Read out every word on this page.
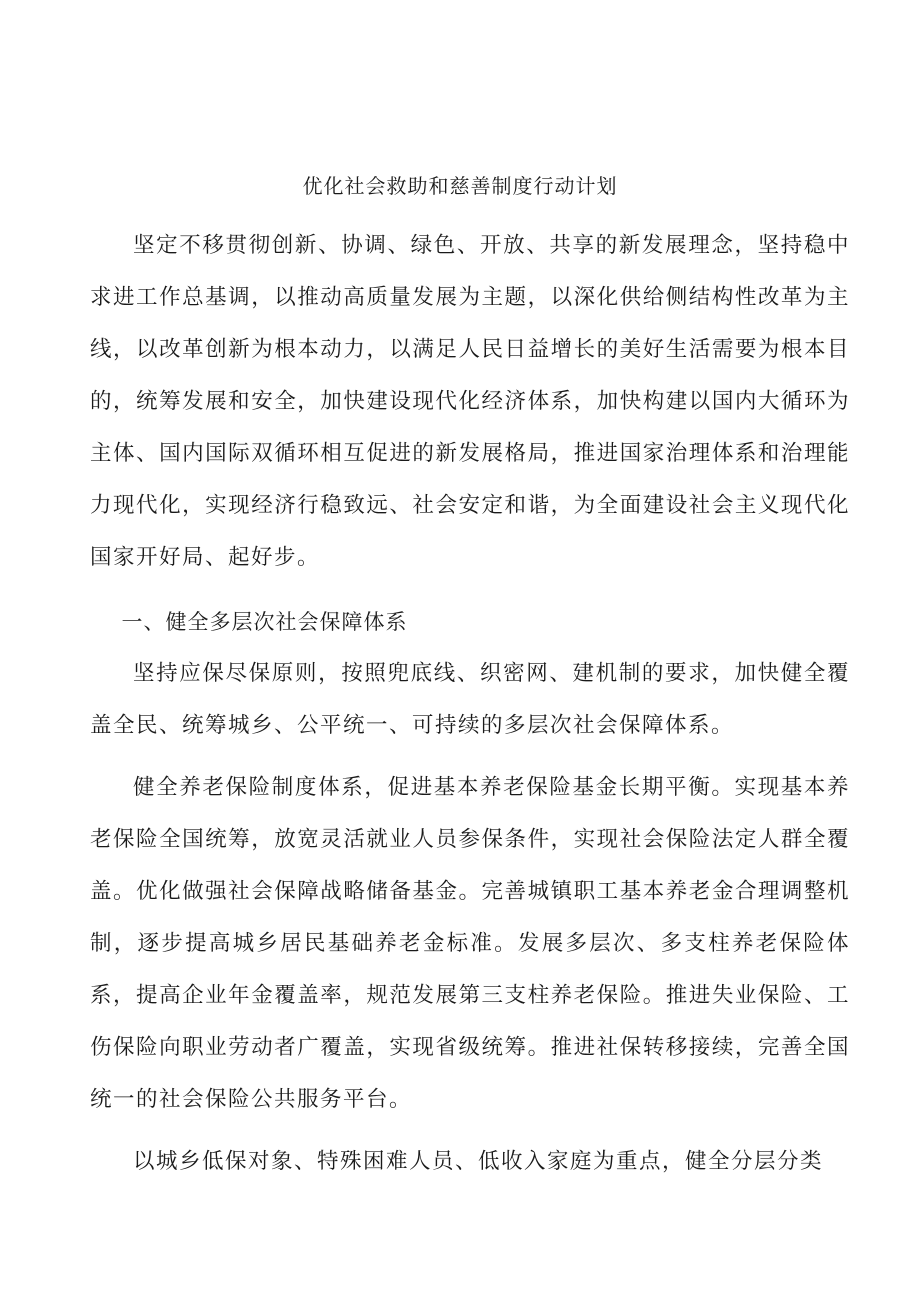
优化社会救助和慈善制度行动计划

坚定不移贯彻创新、协调、绿色、开放、共享的新发展理念，坚持稳中求进工作总基调，以推动高质量发展为主题，以深化供给侧结构性改革为主线，以改革创新为根本动力，以满足人民日益增长的美好生活需要为根本目的，统筹发展和安全，加快建设现代化经济体系，加快构建以国内大循环为主体、国内国际双循环相互促进的新发展格局，推进国家治理体系和治理能力现代化，实现经济行稳致远、社会安定和谐，为全面建设社会主义现代化国家开好局、起好步。

一、健全多层次社会保障体系

坚持应保尽保原则，按照兜底线、织密网、建机制的要求，加快健全覆盖全民、统筹城乡、公平统一、可持续的多层次社会保障体系。

健全养老保险制度体系，促进基本养老保险基金长期平衡。实现基本养老保险全国统筹，放宽灵活就业人员参保条件，实现社会保险法定人群全覆盖。优化做强社会保障战略储备基金。完善城镇职工基本养老金合理调整机制，逐步提高城乡居民基础养老金标准。发展多层次、多支柱养老保险体系，提高企业年金覆盖率，规范发展第三支柱养老保险。推进失业保险、工伤保险向职业劳动者广覆盖，实现省级统筹。推进社保转移接续，完善全国统一的社会保险公共服务平台。

以城乡低保对象、特殊困难人员、低收入家庭为重点，健全分层分类
